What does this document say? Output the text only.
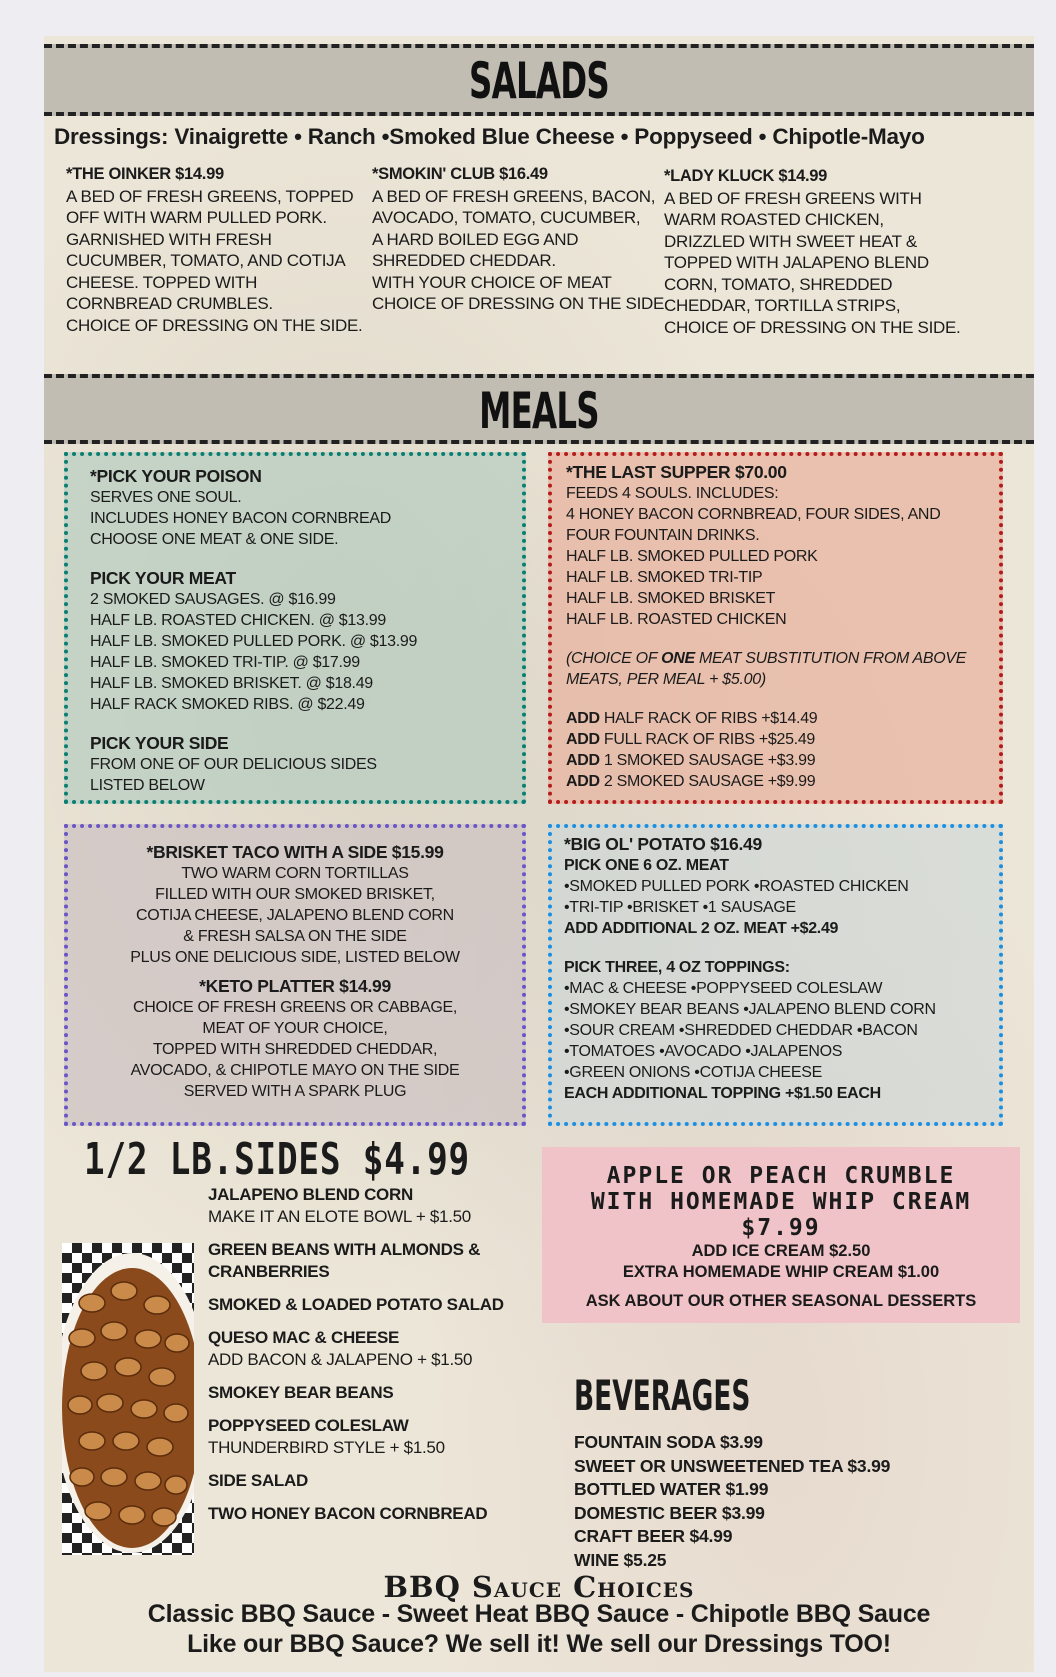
SALADS
Dressings: Vinaigrette • Ranch •Smoked Blue Cheese • Poppyseed • Chipotle-Mayo
*THE OINKER $14.99
A BED OF FRESH GREENS, TOPPED
OFF WITH WARM PULLED PORK.
GARNISHED WITH FRESH
CUCUMBER, TOMATO, AND COTIJA
CHEESE. TOPPED WITH
CORNBREAD CRUMBLES.
CHOICE OF DRESSING ON THE SIDE.
*SMOKIN' CLUB $16.49
A BED OF FRESH GREENS, BACON,
AVOCADO, TOMATO, CUCUMBER,
A HARD BOILED EGG AND
SHREDDED CHEDDAR.
WITH YOUR CHOICE OF MEAT
CHOICE OF DRESSING ON THE SIDE.
*LADY KLUCK $14.99
A BED OF FRESH GREENS WITH
WARM ROASTED CHICKEN,
DRIZZLED WITH SWEET HEAT &
TOPPED WITH JALAPENO BLEND
CORN, TOMATO, SHREDDED
CHEDDAR, TORTILLA STRIPS,
CHOICE OF DRESSING ON THE SIDE.
MEALS
*PICK YOUR POISON
SERVES ONE SOUL.
INCLUDES HONEY BACON CORNBREAD
CHOOSE ONE MEAT & ONE SIDE.
PICK YOUR MEAT
2 SMOKED SAUSAGES. @ $16.99
HALF LB. ROASTED CHICKEN. @ $13.99
HALF LB. SMOKED PULLED PORK. @ $13.99
HALF LB. SMOKED TRI-TIP. @ $17.99
HALF LB. SMOKED BRISKET. @ $18.49
HALF RACK SMOKED RIBS. @ $22.49
PICK YOUR SIDE
FROM ONE OF OUR DELICIOUS SIDES
LISTED BELOW
*THE LAST SUPPER $70.00
FEEDS 4 SOULS. INCLUDES:
4 HONEY BACON CORNBREAD, FOUR SIDES, AND
FOUR FOUNTAIN DRINKS.
HALF LB. SMOKED PULLED PORK
HALF LB. SMOKED TRI-TIP
HALF LB. SMOKED BRISKET
HALF LB. ROASTED CHICKEN
(CHOICE OF ONE MEAT SUBSTITUTION FROM ABOVE
MEATS, PER MEAL + $5.00)
ADD HALF RACK OF RIBS +$14.49
ADD FULL RACK OF RIBS +$25.49
ADD 1 SMOKED SAUSAGE +$3.99
ADD 2 SMOKED SAUSAGE +$9.99
*BRISKET TACO WITH A SIDE $15.99
TWO WARM CORN TORTILLAS
FILLED WITH OUR SMOKED BRISKET,
COTIJA CHEESE, JALAPENO BLEND CORN
& FRESH SALSA ON THE SIDE
PLUS ONE DELICIOUS SIDE, LISTED BELOW
*KETO PLATTER $14.99
CHOICE OF FRESH GREENS OR CABBAGE,
MEAT OF YOUR CHOICE,
TOPPED WITH SHREDDED CHEDDAR,
AVOCADO, & CHIPOTLE MAYO ON THE SIDE
SERVED WITH A SPARK PLUG
*BIG OL' POTATO $16.49
PICK ONE 6 OZ. MEAT
•SMOKED PULLED PORK •ROASTED CHICKEN
•TRI-TIP •BRISKET •1 SAUSAGE
ADD ADDITIONAL 2 OZ. MEAT +$2.49
PICK THREE, 4 OZ TOPPINGS:
•MAC & CHEESE •POPPYSEED COLESLAW
•SMOKEY BEAR BEANS •JALAPENO BLEND CORN
•SOUR CREAM •SHREDDED CHEDDAR •BACON
•TOMATOES •AVOCADO •JALAPENOS
•GREEN ONIONS •COTIJA CHEESE
EACH ADDITIONAL TOPPING +$1.50 EACH
1/2 LB.SIDES $4.99
JALAPENO BLEND CORN
MAKE IT AN ELOTE BOWL + $1.50
GREEN BEANS WITH ALMONDS &
CRANBERRIES
SMOKED & LOADED POTATO SALAD
QUESO MAC & CHEESE
ADD BACON & JALAPENO + $1.50
SMOKEY BEAR BEANS
POPPYSEED COLESLAW
THUNDERBIRD STYLE + $1.50
SIDE SALAD
TWO HONEY BACON CORNBREAD
APPLE OR PEACH CRUMBLE
WITH HOMEMADE WHIP CREAM
$7.99
ADD ICE CREAM $2.50
EXTRA HOMEMADE WHIP CREAM $1.00
ASK ABOUT OUR OTHER SEASONAL DESSERTS
BEVERAGES
FOUNTAIN SODA $3.99
SWEET OR UNSWEETENED TEA $3.99
BOTTLED WATER $1.99
DOMESTIC BEER $3.99
CRAFT BEER $4.99
WINE $5.25
BBQ Sauce Choices
Classic BBQ Sauce - Sweet Heat BBQ Sauce - Chipotle BBQ Sauce
Like our BBQ Sauce? We sell it! We sell our Dressings TOO!
